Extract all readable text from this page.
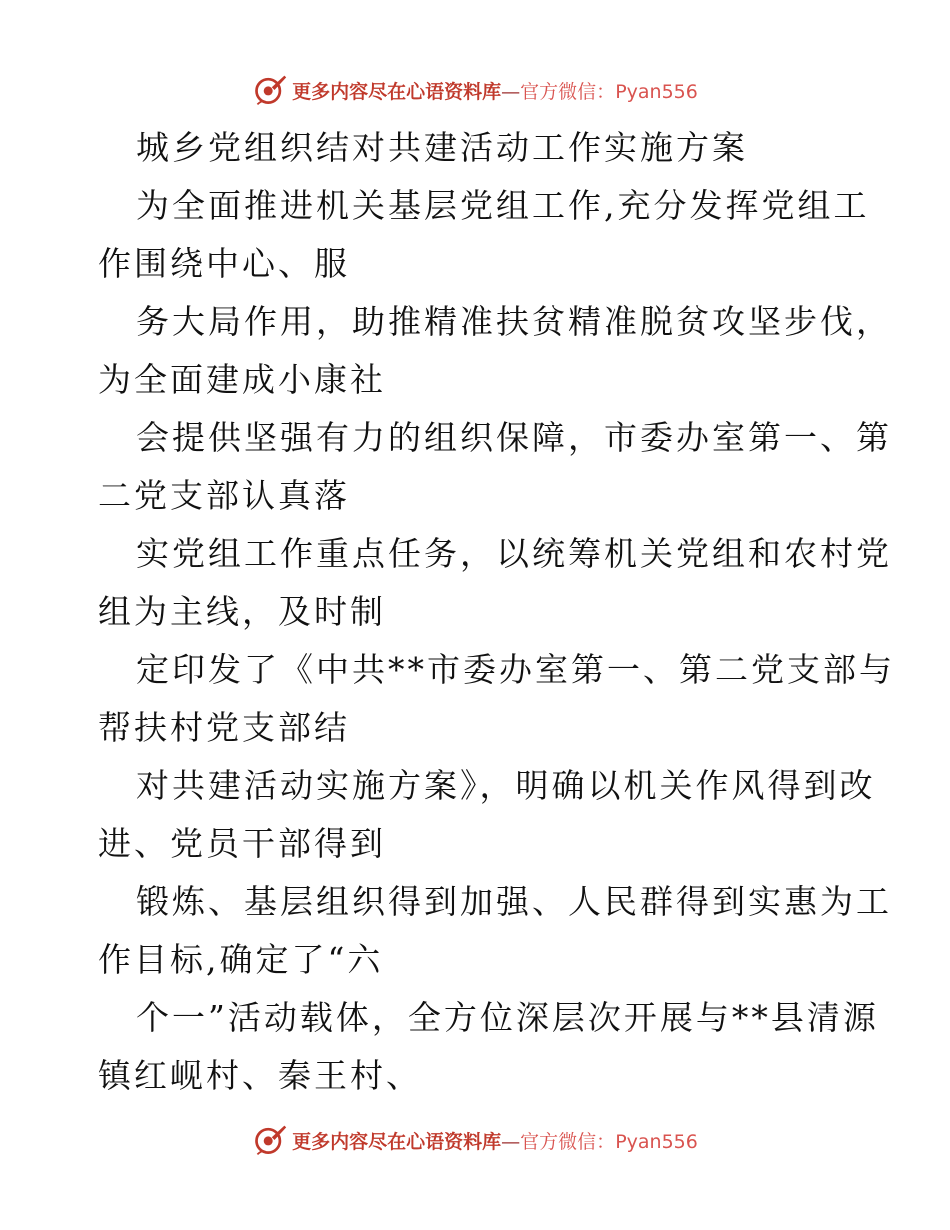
更多内容尽在心语资料库 — 官方微信： Pyan556
城乡党组织结对共建活动工作实施方案
为全面推进机关基层党组工作,充分发挥党组工
作围绕中心、服
务大局作用，助推精准扶贫精准脱贫攻坚步伐，
为全面建成小康社
会提供坚强有力的组织保障，市委办室第一、第
二党支部认真落
实党组工作重点任务，以统筹机关党组和农村党
组为主线，及时制
定印发了《中共**市委办室第一、第二党支部与
帮扶村党支部结
对共建活动实施方案》，明确以机关作风得到改
进、党员干部得到
锻炼、基层组织得到加强、人民群得到实惠为工
作目标,确定了“六
个一”活动载体，全方位深层次开展与**县清源
镇红岘村、秦王村、
更多内容尽在心语资料库 — 官方微信： Pyan556
